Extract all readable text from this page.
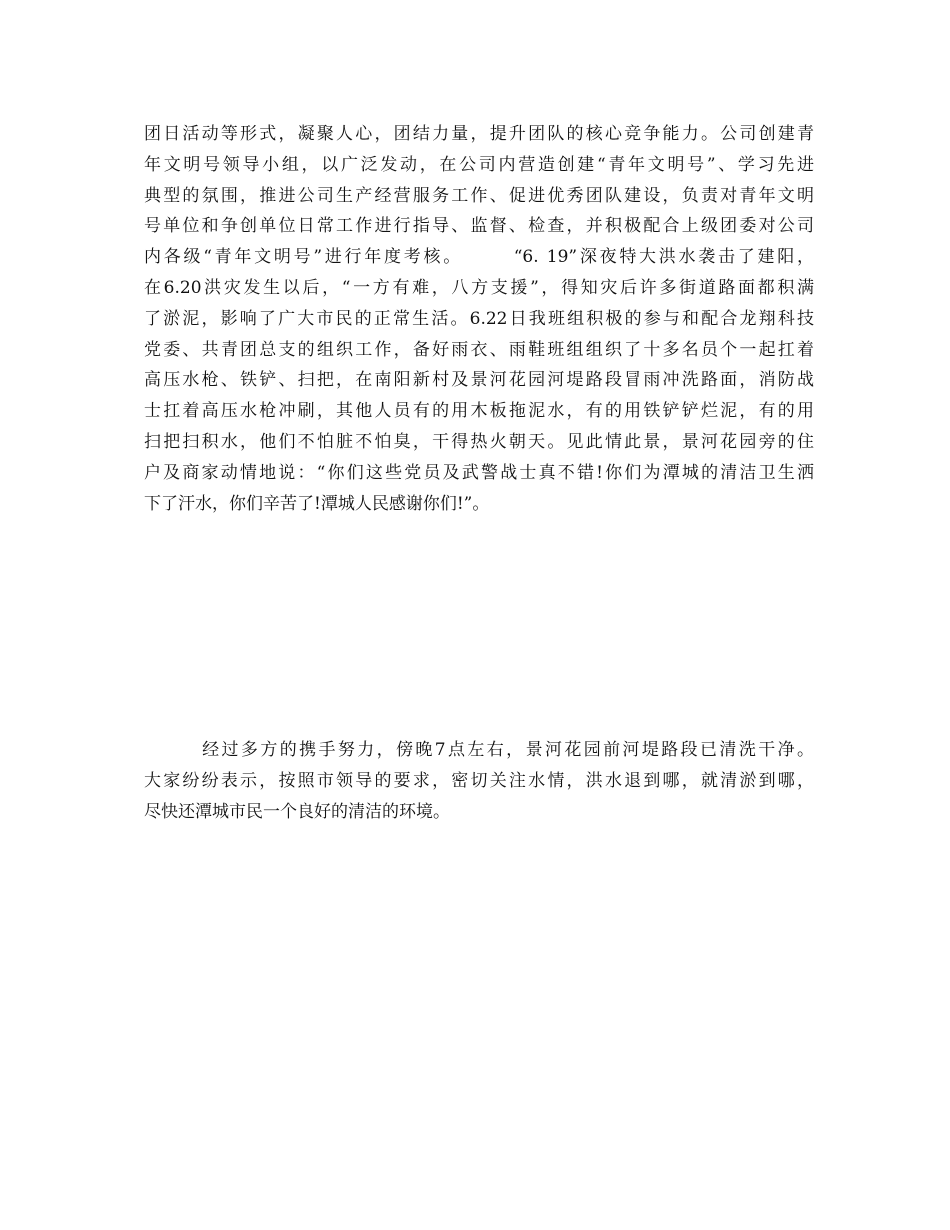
团日活动等形式，凝聚人心，团结力量，提升团队的核心竞争能力。公司创建青
年文明号领导小组，以广泛发动，在公司内营造创建“青年文明号”、学习先进
典型的氛围，推进公司生产经营服务工作、促进优秀团队建设，负责对青年文明
号单位和争创单位日常工作进行指导、监督、检查，并积极配合上级团委对公司
内各级“青年文明号”进行年度考核。　　　“6. 19”深夜特大洪水袭击了建阳，
在6.20洪灾发生以后，“一方有难，八方支援”，得知灾后许多街道路面都积满
了淤泥，影响了广大市民的正常生活。6.22日我班组积极的参与和配合龙翔科技
党委、共青团总支的组织工作，备好雨衣、雨鞋班组组织了十多名员个一起扛着
高压水枪、铁铲、扫把，在南阳新村及景河花园河堤路段冒雨冲洗路面，消防战
士扛着高压水枪冲刷，其他人员有的用木板拖泥水，有的用铁铲铲烂泥，有的用
扫把扫积水，他们不怕脏不怕臭，干得热火朝天。见此情此景，景河花园旁的住
户及商家动情地说：“你们这些党员及武警战士真不错!你们为潭城的清洁卫生洒
下了汗水，你们辛苦了!潭城人民感谢你们!”。
　　　经过多方的携手努力，傍晚7点左右，景河花园前河堤路段已清洗干净。
大家纷纷表示，按照市领导的要求，密切关注水情，洪水退到哪，就清淤到哪，
尽快还潭城市民一个良好的清洁的环境。
